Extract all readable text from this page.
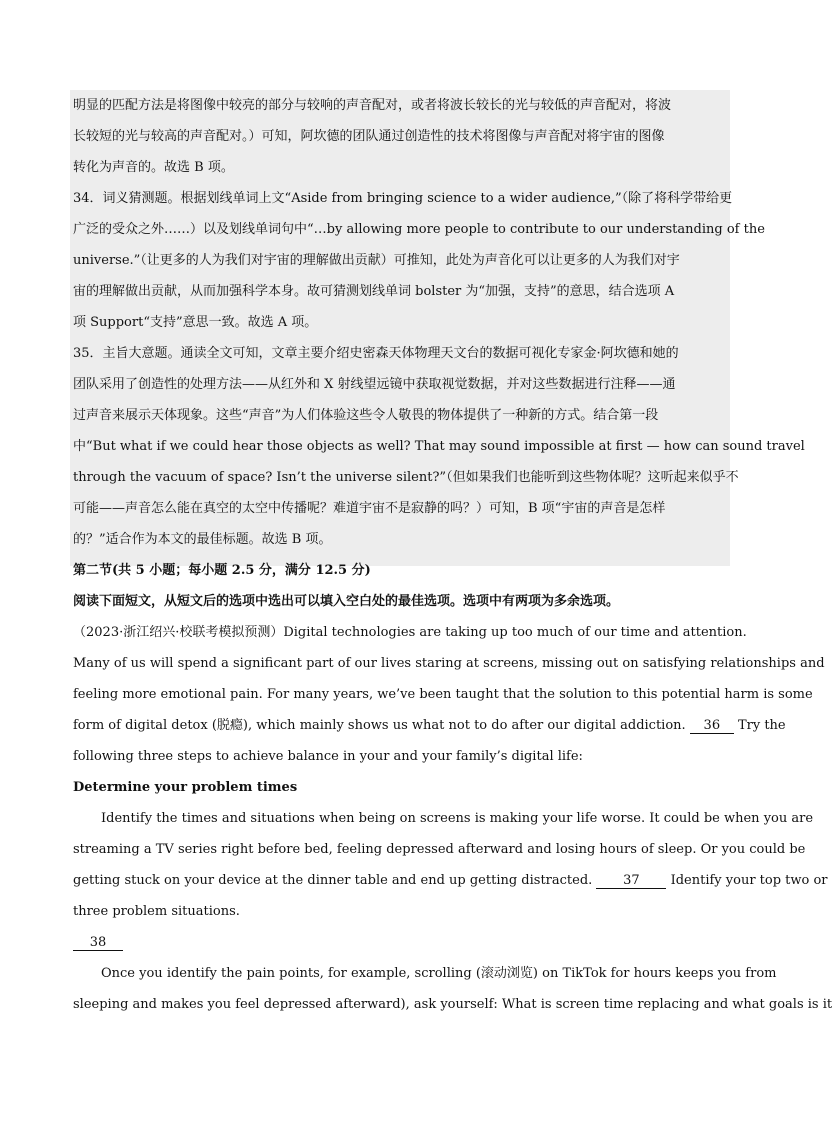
明显的匹配方法是将图像中较亮的部分与较响的声音配对，或者将波长较长的光与较低的声音配对，将波
长较短的光与较高的声音配对。）可知，阿坎德的团队通过创造性的技术将图像与声音配对将宇宙的图像
转化为声音的。故选 B 项。
34．词义猜测题。根据划线单词上文“Aside from bringing science to a wider audience,”（除了将科学带给更
广泛的受众之外……）以及划线单词句中“…by allowing more people to contribute to our understanding of the
universe.”（让更多的人为我们对宇宙的理解做出贡献）可推知，此处为声音化可以让更多的人为我们对宇
宙的理解做出贡献，从而加强科学本身。故可猜测划线单词 bolster 为“加强，支持”的意思，结合选项 A
项 Support“支持”意思一致。故选 A 项。
35．主旨大意题。通读全文可知，文章主要介绍史密森天体物理天文台的数据可视化专家金·阿坎德和她的
团队采用了创造性的处理方法——从红外和 X 射线望远镜中获取视觉数据，并对这些数据进行注释——通
过声音来展示天体现象。这些“声音”为人们体验这些令人敬畏的物体提供了一种新的方式。结合第一段
中“But what if we could hear those objects as well? That may sound impossible at first — how can sound travel
through the vacuum of space? Isn’t the universe silent?”（但如果我们也能听到这些物体呢？这听起来似乎不
可能——声音怎么能在真空的太空中传播呢？难道宇宙不是寂静的吗？）可知，B 项“宇宙的声音是怎样
的？”适合作为本文的最佳标题。故选 B 项。
第二节(共 5 小题；每小题 2.5 分，满分 12.5 分)
阅读下面短文，从短文后的选项中选出可以填入空白处的最佳选项。选项中有两项为多余选项。
（2023·浙江绍兴·校联考模拟预测）Digital technologies are taking up too much of our time and attention.
Many of us will spend a significant part of our lives staring at screens, missing out on satisfying relationships and
feeling more emotional pain. For many years, we’ve been taught that the solution to this potential harm is some
form of digital detox (脱瘾), which mainly shows us what not to do after our digital addiction. 36 Try the
following three steps to achieve balance in your and your family’s digital life:
Determine your problem times
Identify the times and situations when being on screens is making your life worse. It could be when you are
streaming a TV series right before bed, feeling depressed afterward and losing hours of sleep. Or you could be
getting stuck on your device at the dinner table and end up getting distracted. 37 Identify your top two or
three problem situations.
38
Once you identify the pain points, for example, scrolling (滚动浏览) on TikTok for hours keeps you from
sleeping and makes you feel depressed afterward), ask yourself: What is screen time replacing and what goals is it
